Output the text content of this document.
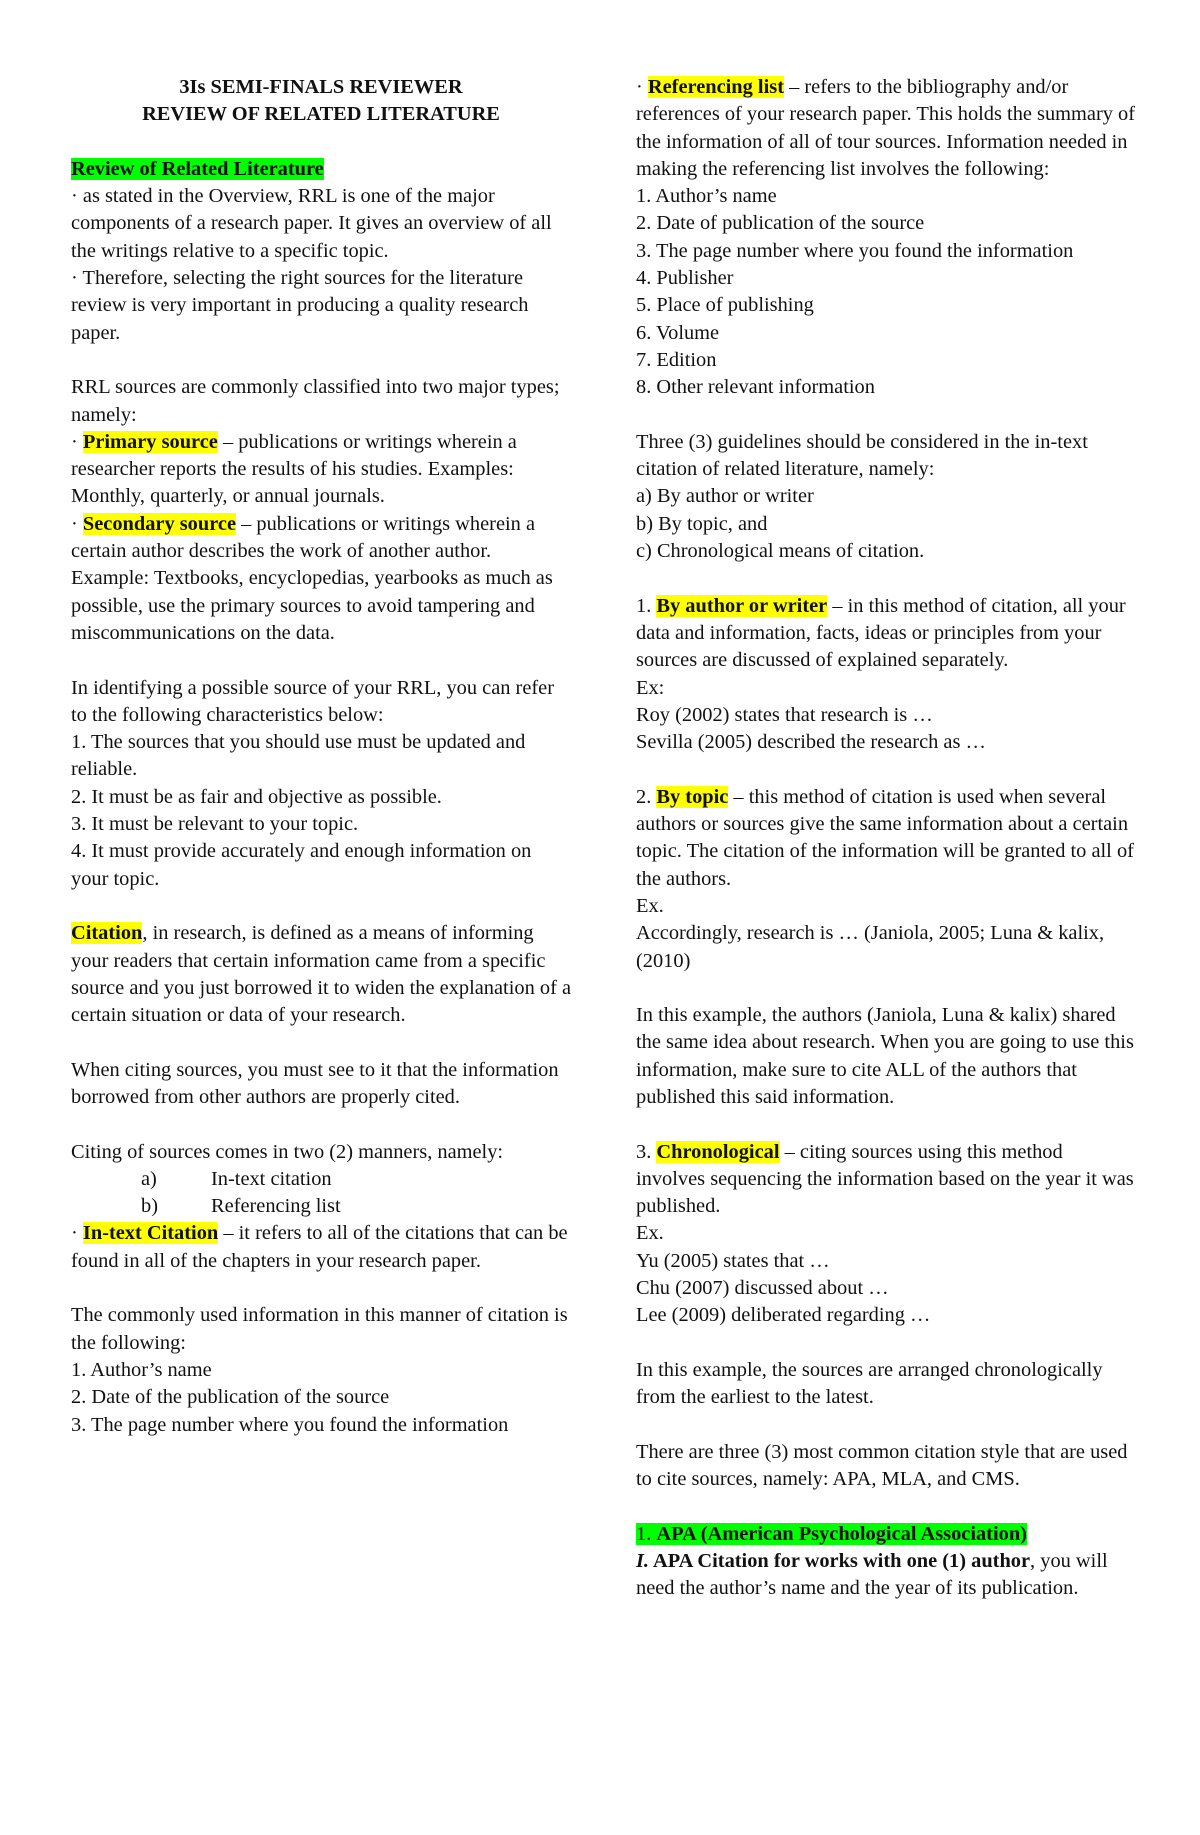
3Is SEMI-FINALS REVIEWER

REVIEW OF RELATED LITERATURE

Review of Related Literature

· as stated in the Overview, RRL is one of the major components of a research paper. It gives an overview of all the writings relative to a specific topic.

· Therefore, selecting the right sources for the literature review is very important in producing a quality research paper.

RRL sources are commonly classified into two major types; namely:

· Primary source – publications or writings wherein a researcher reports the results of his studies. Examples: Monthly, quarterly, or annual journals.

· Secondary source – publications or writings wherein a certain author describes the work of another author. Example: Textbooks, encyclopedias, yearbooks as much as possible, use the primary sources to avoid tampering and miscommunications on the data.

In identifying a possible source of your RRL, you can refer to the following characteristics below:

1. The sources that you should use must be updated and reliable.

2. It must be as fair and objective as possible.

3. It must be relevant to your topic.

4. It must provide accurately and enough information on your topic.

Citation, in research, is defined as a means of informing your readers that certain information came from a specific source and you just borrowed it to widen the explanation of a certain situation or data of your research.

When citing sources, you must see to it that the information borrowed from other authors are properly cited.

Citing of sources comes in two (2) manners, namely:

a)	In-text citation

b)	Referencing list

· In-text Citation – it refers to all of the citations that can be found in all of the chapters in your research paper.

The commonly used information in this manner of citation is the following:

1. Author’s name

2. Date of the publication of the source

3. The page number where you found the information

· Referencing list – refers to the bibliography and/or references of your research paper. This holds the summary of the information of all of tour sources. Information needed in making the referencing list involves the following:

1. Author’s name

2. Date of publication of the source

3. The page number where you found the information

4. Publisher

5. Place of publishing

6. Volume

7. Edition

8. Other relevant information

Three (3) guidelines should be considered in the in-text citation of related literature, namely:

a) By author or writer

b) By topic, and

c) Chronological means of citation.

1. By author or writer – in this method of citation, all your data and information, facts, ideas or principles from your sources are discussed of explained separately.

Ex:

Roy (2002) states that research is …

Sevilla (2005) described the research as …

2. By topic – this method of citation is used when several authors or sources give the same information about a certain topic. The citation of the information will be granted to all of the authors.

Ex.

Accordingly, research is … (Janiola, 2005; Luna & kalix, (2010)

In this example, the authors (Janiola, Luna & kalix) shared the same idea about research. When you are going to use this information, make sure to cite ALL of the authors that published this said information.

3. Chronological – citing sources using this method involves sequencing the information based on the year it was published.

Ex.

Yu (2005) states that …

Chu (2007) discussed about …

Lee (2009) deliberated regarding …

In this example, the sources are arranged chronologically from the earliest to the latest.

There are three (3) most common citation style that are used to cite sources, namely: APA, MLA, and CMS.

1. APA (American Psychological Association)

I. APA Citation for works with one (1) author, you will need the author’s name and the year of its publication.
